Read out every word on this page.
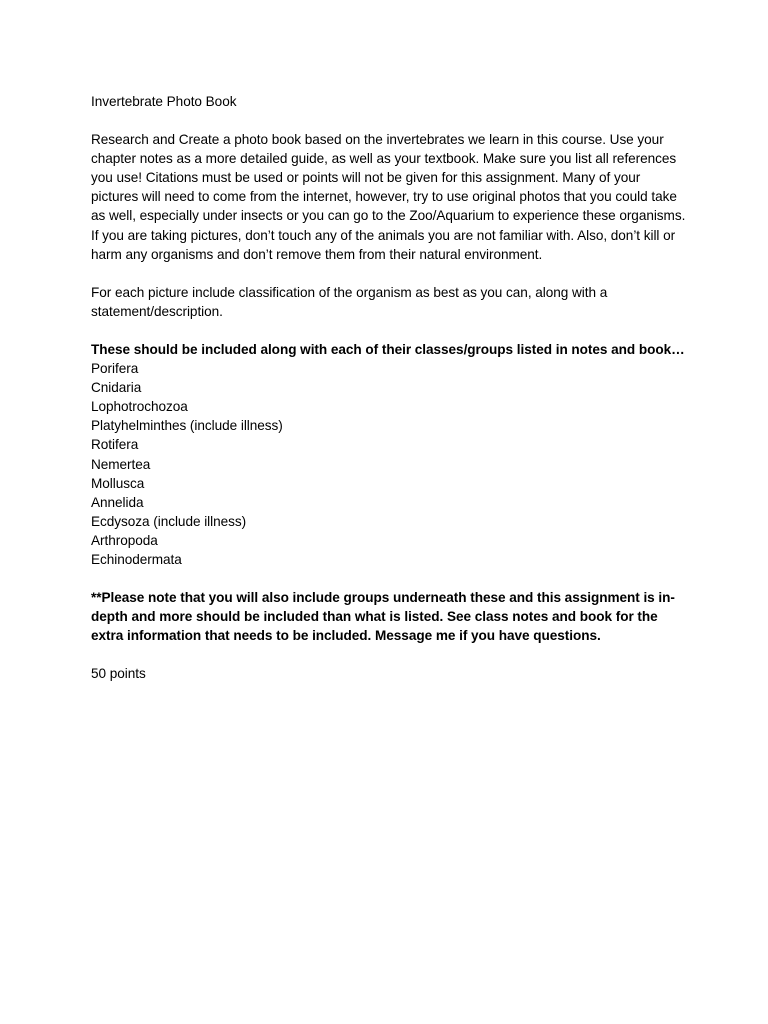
Invertebrate Photo Book

Research and Create a photo book based on the invertebrates we learn in this course. Use your chapter notes as a more detailed guide, as well as your textbook. Make sure you list all references you use! Citations must be used or points will not be given for this assignment. Many of your pictures will need to come from the internet, however, try to use original photos that you could take as well, especially under insects or you can go to the Zoo/Aquarium to experience these organisms. If you are taking pictures, don’t touch any of the animals you are not familiar with. Also, don’t kill or harm any organisms and don’t remove them from their natural environment.

For each picture include classification of the organism as best as you can, along with a statement/description.

These should be included along with each of their classes/groups listed in notes and book…

Porifera
Cnidaria
Lophotrochozoa
Platyhelminthes (include illness)
Rotifera
Nemertea
Mollusca
Annelida
Ecdysoza (include illness)
Arthropoda
Echinodermata

**Please note that you will also include groups underneath these and this assignment is in-depth and more should be included than what is listed. See class notes and book for the extra information that needs to be included. Message me if you have questions.

50 points
